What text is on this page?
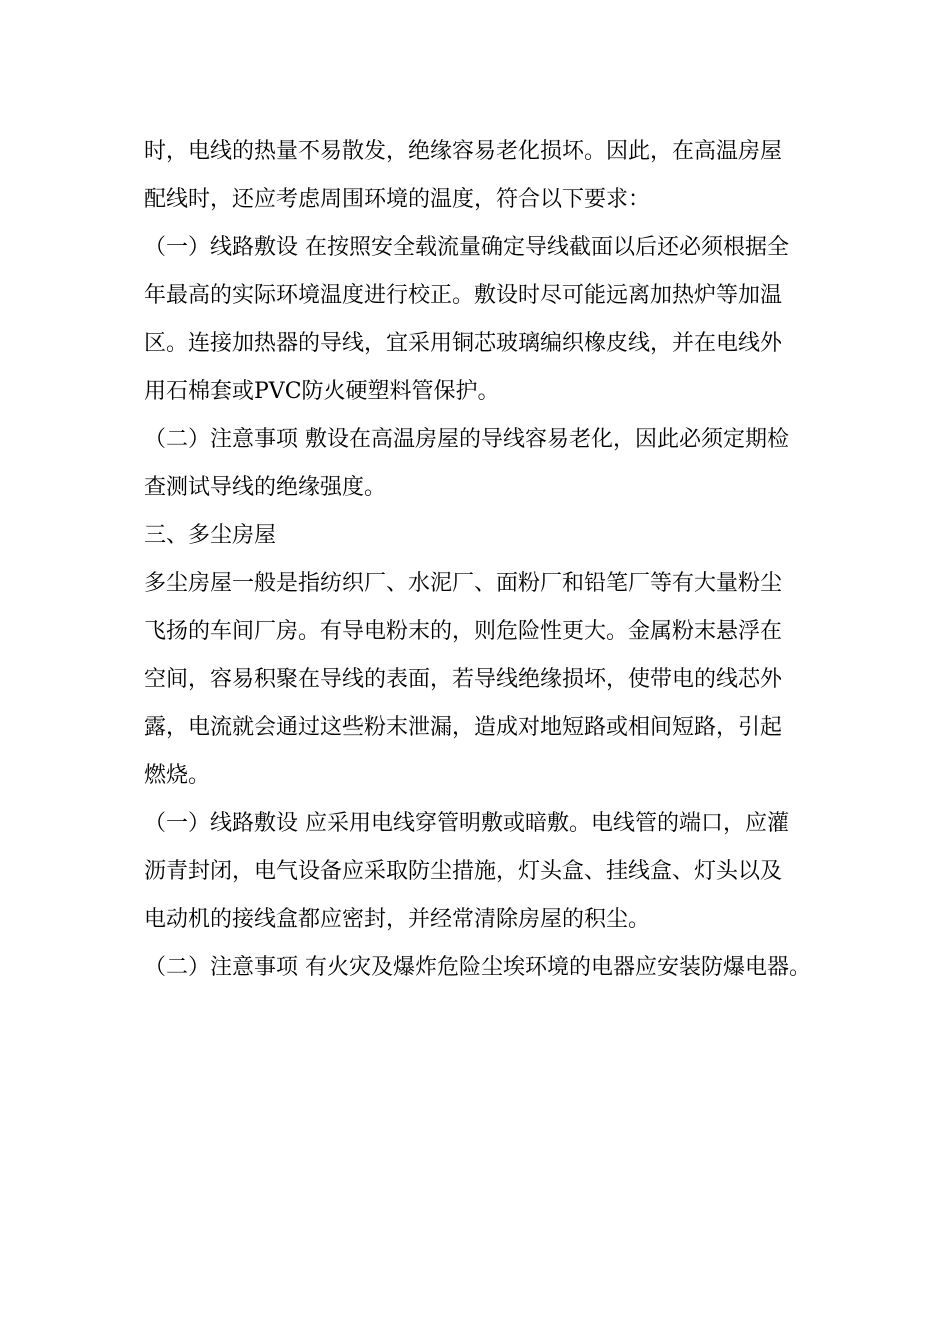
时，电线的热量不易散发，绝缘容易老化损坏。因此，在高温房屋
配线时，还应考虑周围环境的温度，符合以下要求：

（一）线路敷设 在按照安全载流量确定导线截面以后还必须根据全
年最高的实际环境温度进行校正。敷设时尽可能远离加热炉等加温
区。连接加热器的导线，宜采用铜芯玻璃编织橡皮线，并在电线外
用石棉套或PVC防火硬塑料管保护。

（二）注意事项 敷设在高温房屋的导线容易老化，因此必须定期检
查测试导线的绝缘强度。

三、多尘房屋

多尘房屋一般是指纺织厂、水泥厂、面粉厂和铅笔厂等有大量粉尘
飞扬的车间厂房。有导电粉末的，则危险性更大。金属粉末悬浮在
空间，容易积聚在导线的表面，若导线绝缘损坏，使带电的线芯外
露，电流就会通过这些粉末泄漏，造成对地短路或相间短路，引起
燃烧。

（一）线路敷设 应采用电线穿管明敷或暗敷。电线管的端口，应灌
沥青封闭，电气设备应采取防尘措施，灯头盒、挂线盒、灯头以及
电动机的接线盒都应密封，并经常清除房屋的积尘。

（二）注意事项 有火灾及爆炸危险尘埃环境的电器应安装防爆电器。
